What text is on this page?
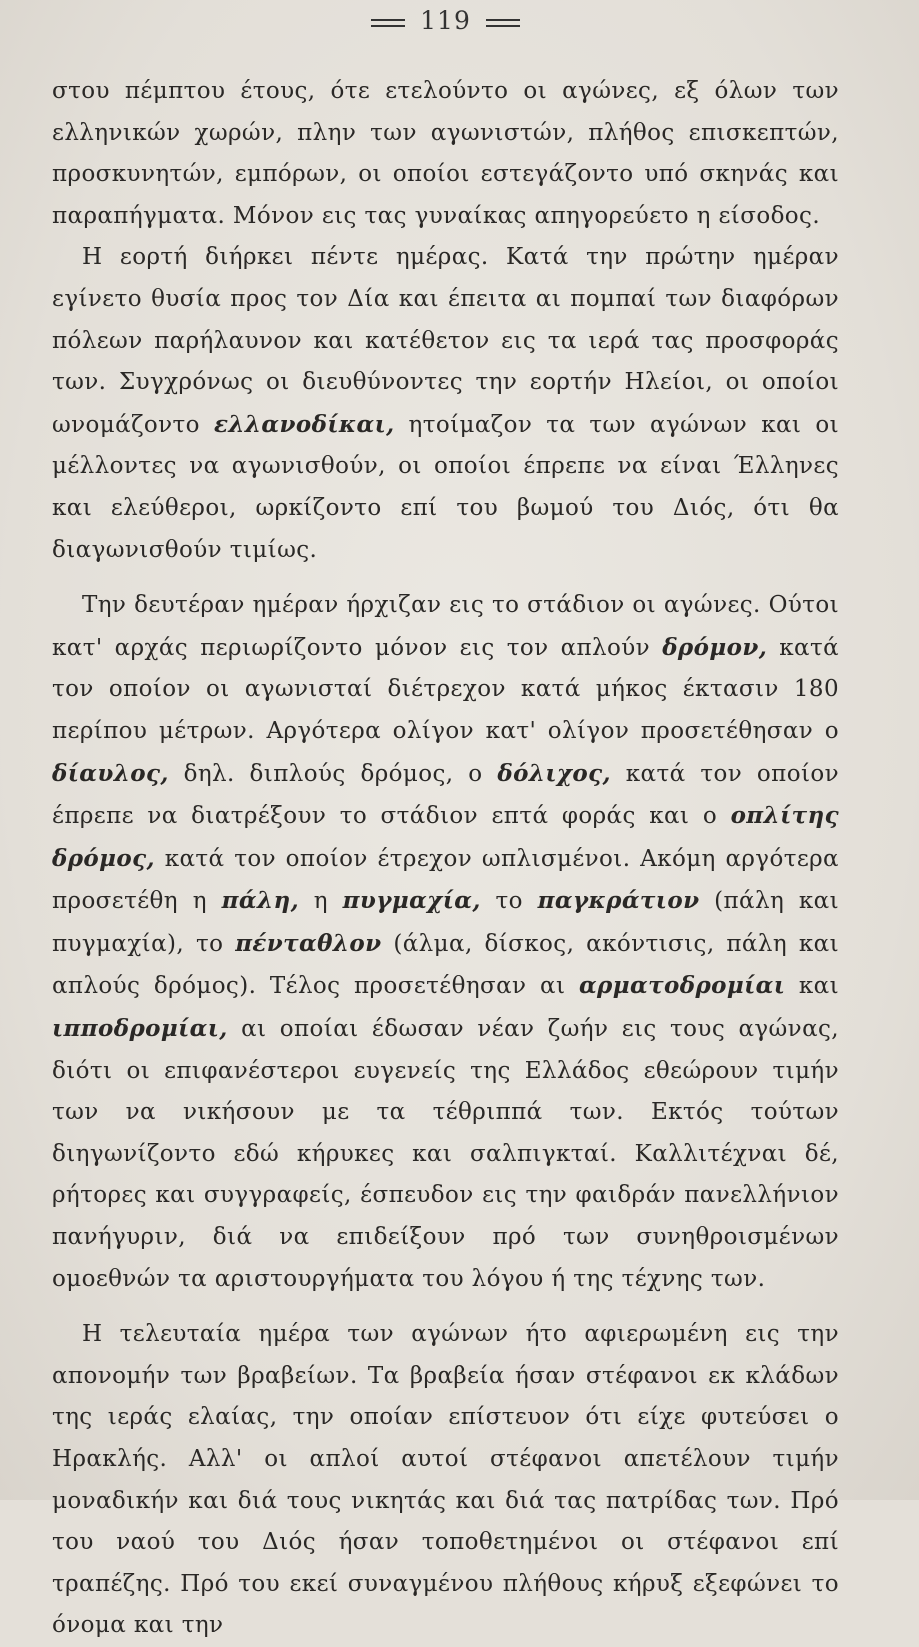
119

στου πέμπτου έτους, ότε ετελούντο οι αγώνες, εξ όλων των ελληνικών χωρών, πλην των αγωνιστών, πλήθος επισκεπτών, προσκυνητών, εμπόρων, οι οποίοι εστεγάζοντο υπό σκηνάς και παραπήγματα. Μόνον εις τας γυναίκας απηγορεύετο η είσοδος.

Η εορτή διήρκει πέντε ημέρας. Κατά την πρώτην ημέραν εγίνετο θυσία προς τον Δία και έπειτα αι πομπαί των διαφόρων πόλεων παρήλαυνον και κατέθετον εις τα ιερά τας προσφοράς των. Συγχρόνως οι διευθύνοντες την εορτήν Ηλείοι, οι οποίοι ωνομάζοντο ελλανοδίκαι, ητοίμαζον τα των αγώνων και οι μέλλοντες να αγωνισθούν, οι οποίοι έπρεπε να είναι Έλληνες και ελεύθεροι, ωρκίζοντο επί του βωμού του Διός, ότι θα διαγωνισθούν τιμίως.

Την δευτέραν ημέραν ήρχιζαν εις το στάδιον οι αγώνες. Ούτοι κατ' αρχάς περιωρίζοντο μόνον εις τον απλούν δρόμον, κατά τον οποίον οι αγωνισταί διέτρεχον κατά μήκος έκτασιν 180 περίπου μέτρων. Αργότερα ολίγον κατ' ολίγον προσετέθησαν ο δίαυλος, δηλ. διπλούς δρόμος, ο δόλιχος, κατά τον οποίον έπρεπε να διατρέξουν το στάδιον επτά φοράς και ο οπλίτης δρόμος, κατά τον οποίον έτρεχον ωπλισμένοι. Ακόμη αργότερα προσετέθη η πάλη, η πυγμαχία, το παγκράτιον (πάλη και πυγμαχία), το πένταθλον (άλμα, δίσκος, ακόντισις, πάλη και απλούς δρόμος). Τέλος προσετέθησαν αι αρματοδρομίαι και ιπποδρομίαι, αι οποίαι έδωσαν νέαν ζωήν εις τους αγώνας, διότι οι επιφανέστεροι ευγενείς της Ελλάδος εθεώρουν τιμήν των να νικήσουν με τα τέθριππά των. Εκτός τούτων διηγωνίζοντο εδώ κήρυκες και σαλπιγκταί. Καλλιτέχναι δέ, ρήτορες και συγγραφείς, έσπευδον εις την φαιδράν πανελλήνιον πανήγυριν, διά να επιδείξουν πρό των συνηθροισμένων ομοεθνών τα αριστουργήματα του λόγου ή της τέχνης των.

Η τελευταία ημέρα των αγώνων ήτο αφιερωμένη εις την απονομήν των βραβείων. Τα βραβεία ήσαν στέφανοι εκ κλάδων της ιεράς ελαίας, την οποίαν επίστευον ότι είχε φυτεύσει ο Ηρακλής. Αλλ' οι απλοί αυτοί στέφανοι απετέλουν τιμήν μοναδικήν και διά τους νικητάς και διά τας πατρίδας των. Πρό του ναού του Διός ήσαν τοποθετημένοι οι στέφανοι επί τραπέζης. Πρό του εκεί συναγμένου πλήθους κήρυξ εξεφώνει το όνομα και την
